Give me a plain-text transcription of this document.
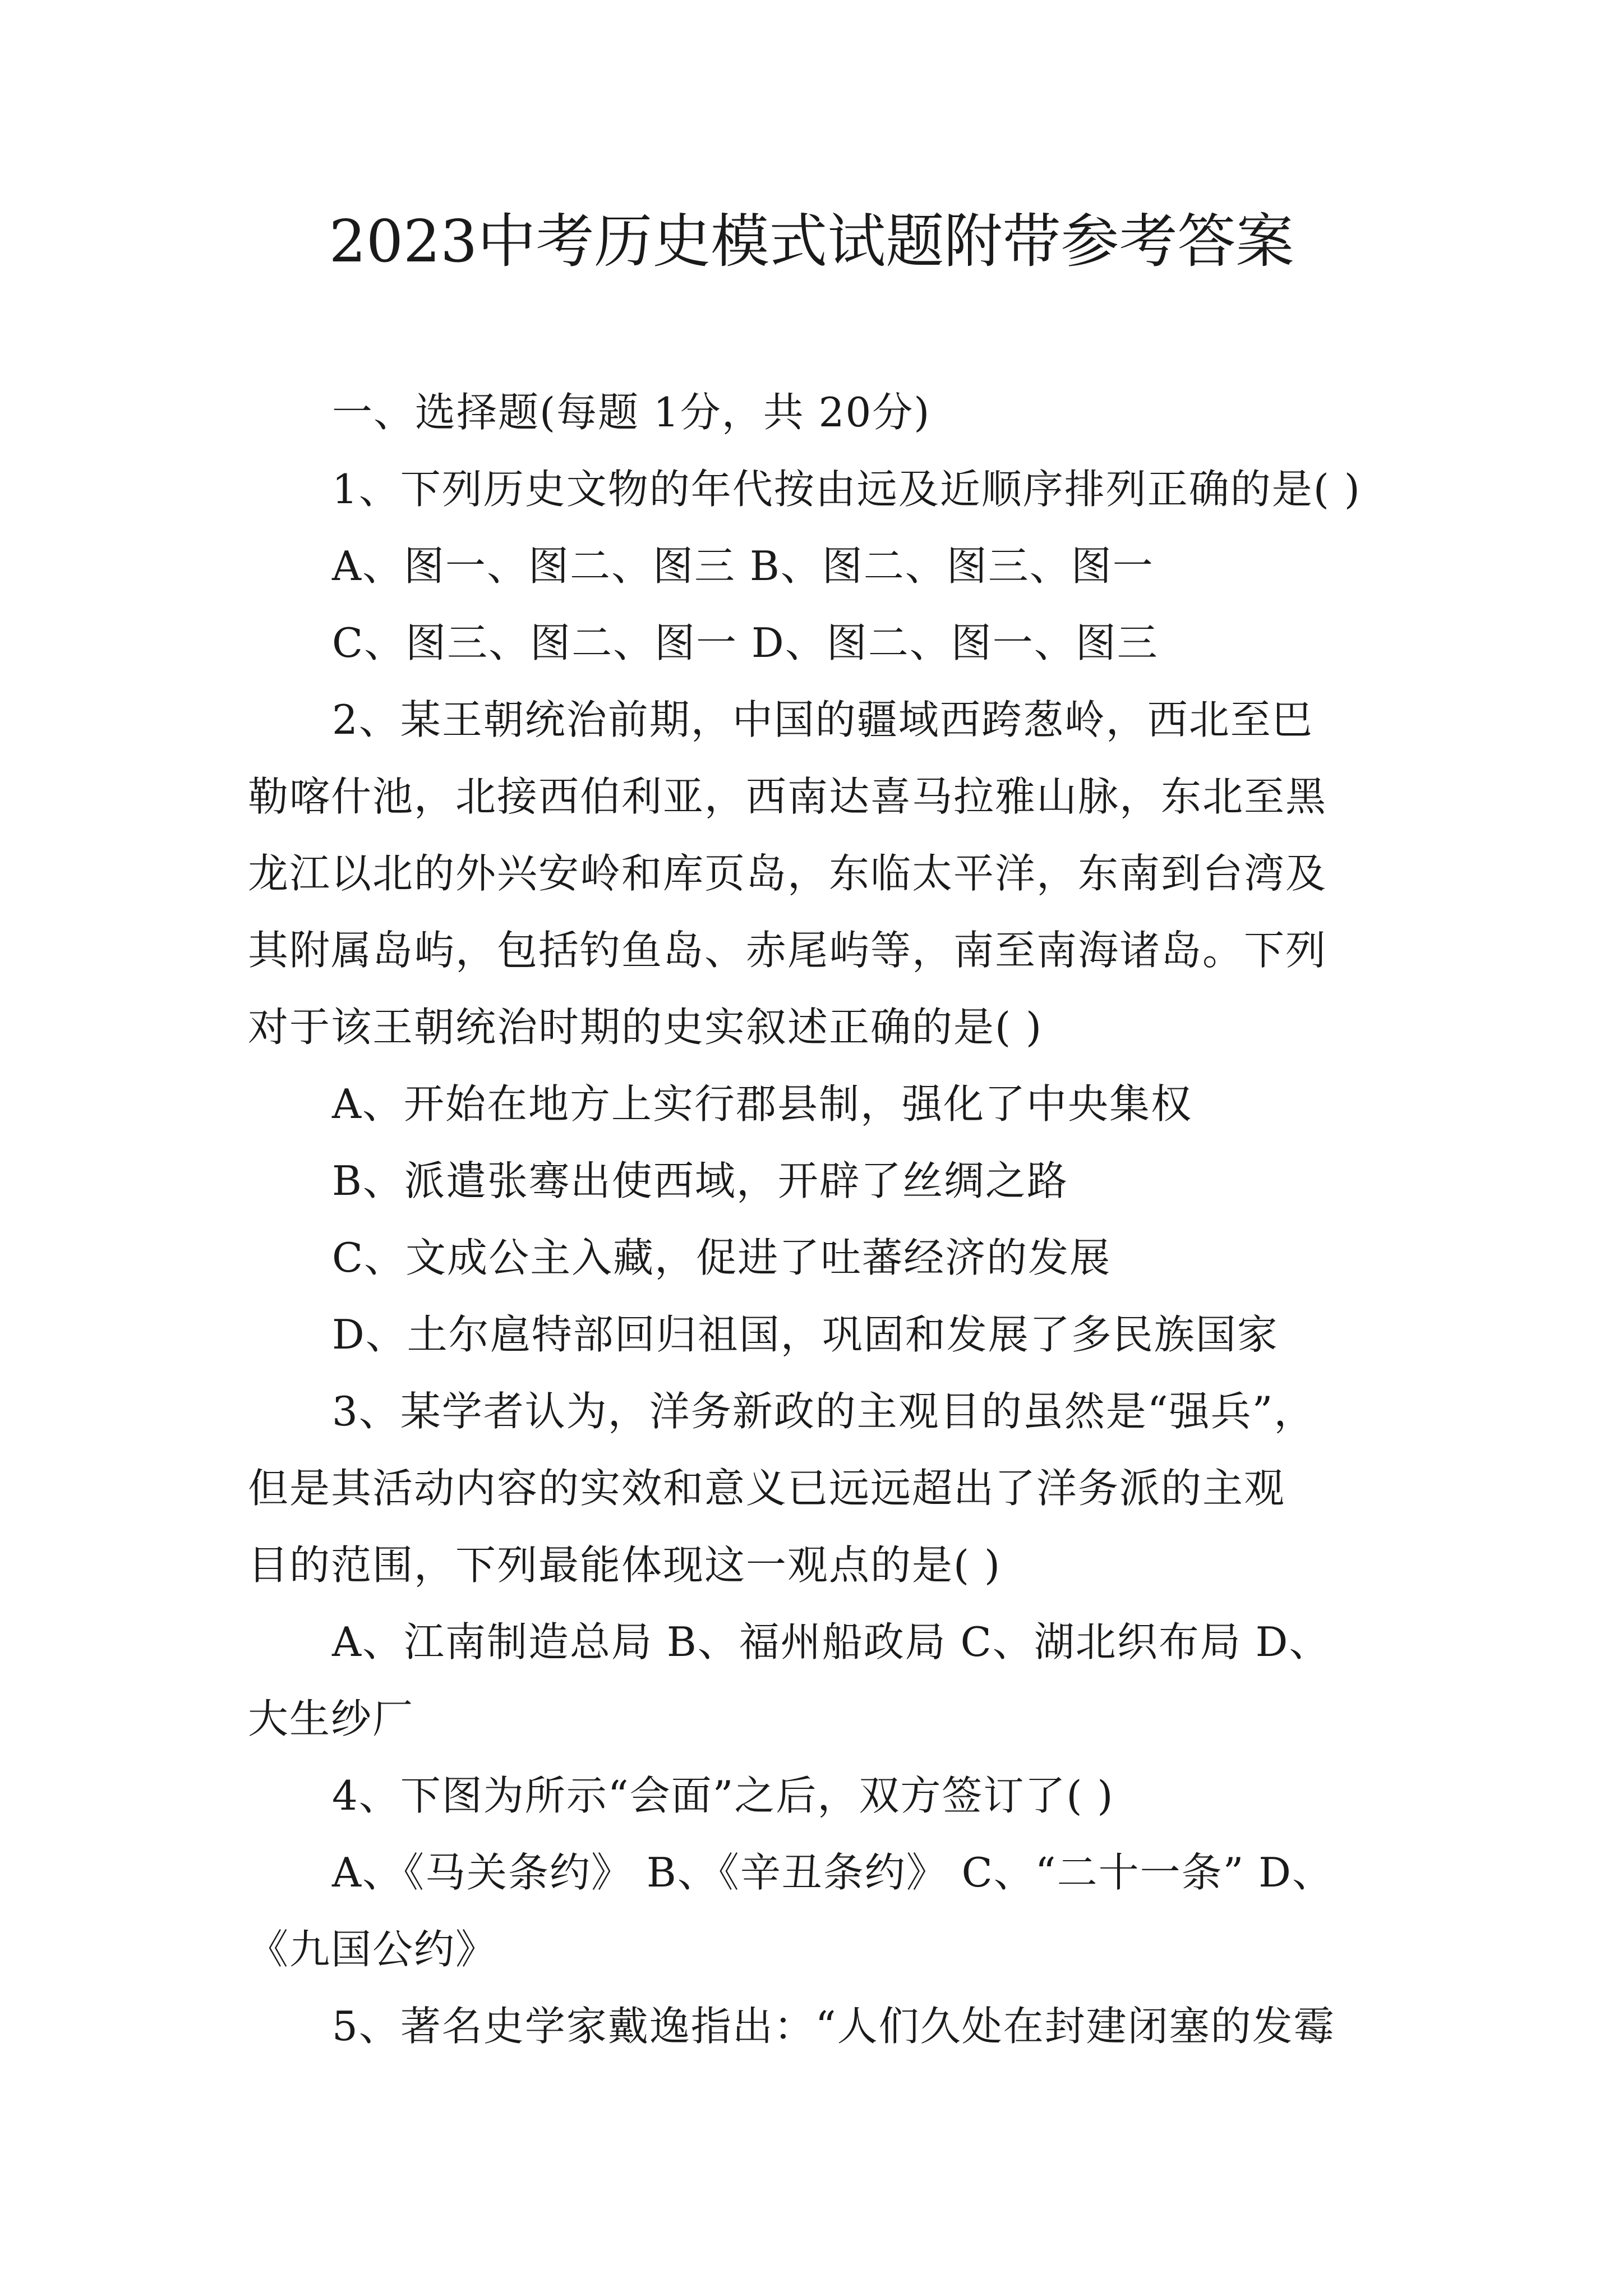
2023中考历史模式试题附带参考答案
一、选择题(每题 1分，共 20分)
1、下列历史文物的年代按由远及近顺序排列正确的是( )
A、图一、图二、图三 B、图二、图三、图一
C、图三、图二、图一 D、图二、图一、图三
2、某王朝统治前期，中国的疆域西跨葱岭，西北至巴
勒喀什池，北接西伯利亚，西南达喜马拉雅山脉，东北至黑
龙江以北的外兴安岭和库页岛，东临太平洋，东南到台湾及
其附属岛屿，包括钓鱼岛、赤尾屿等，南至南海诸岛。下列
对于该王朝统治时期的史实叙述正确的是( )
A、开始在地方上实行郡县制，强化了中央集权
B、派遣张骞出使西域，开辟了丝绸之路
C、文成公主入藏，促进了吐蕃经济的发展
D、土尔扈特部回归祖国，巩固和发展了多民族国家
3、某学者认为，洋务新政的主观目的虽然是“强兵”，
但是其活动内容的实效和意义已远远超出了洋务派的主观
目的范围，下列最能体现这一观点的是( )
A、江南制造总局 B、福州船政局 C、湖北织布局 D、
大生纱厂
4、下图为所示“会面”之后，双方签订了( )
A、《马关条约》 B、《辛丑条约》 C、“二十一条” D、
《九国公约》
5、著名史学家戴逸指出：“人们久处在封建闭塞的发霉
